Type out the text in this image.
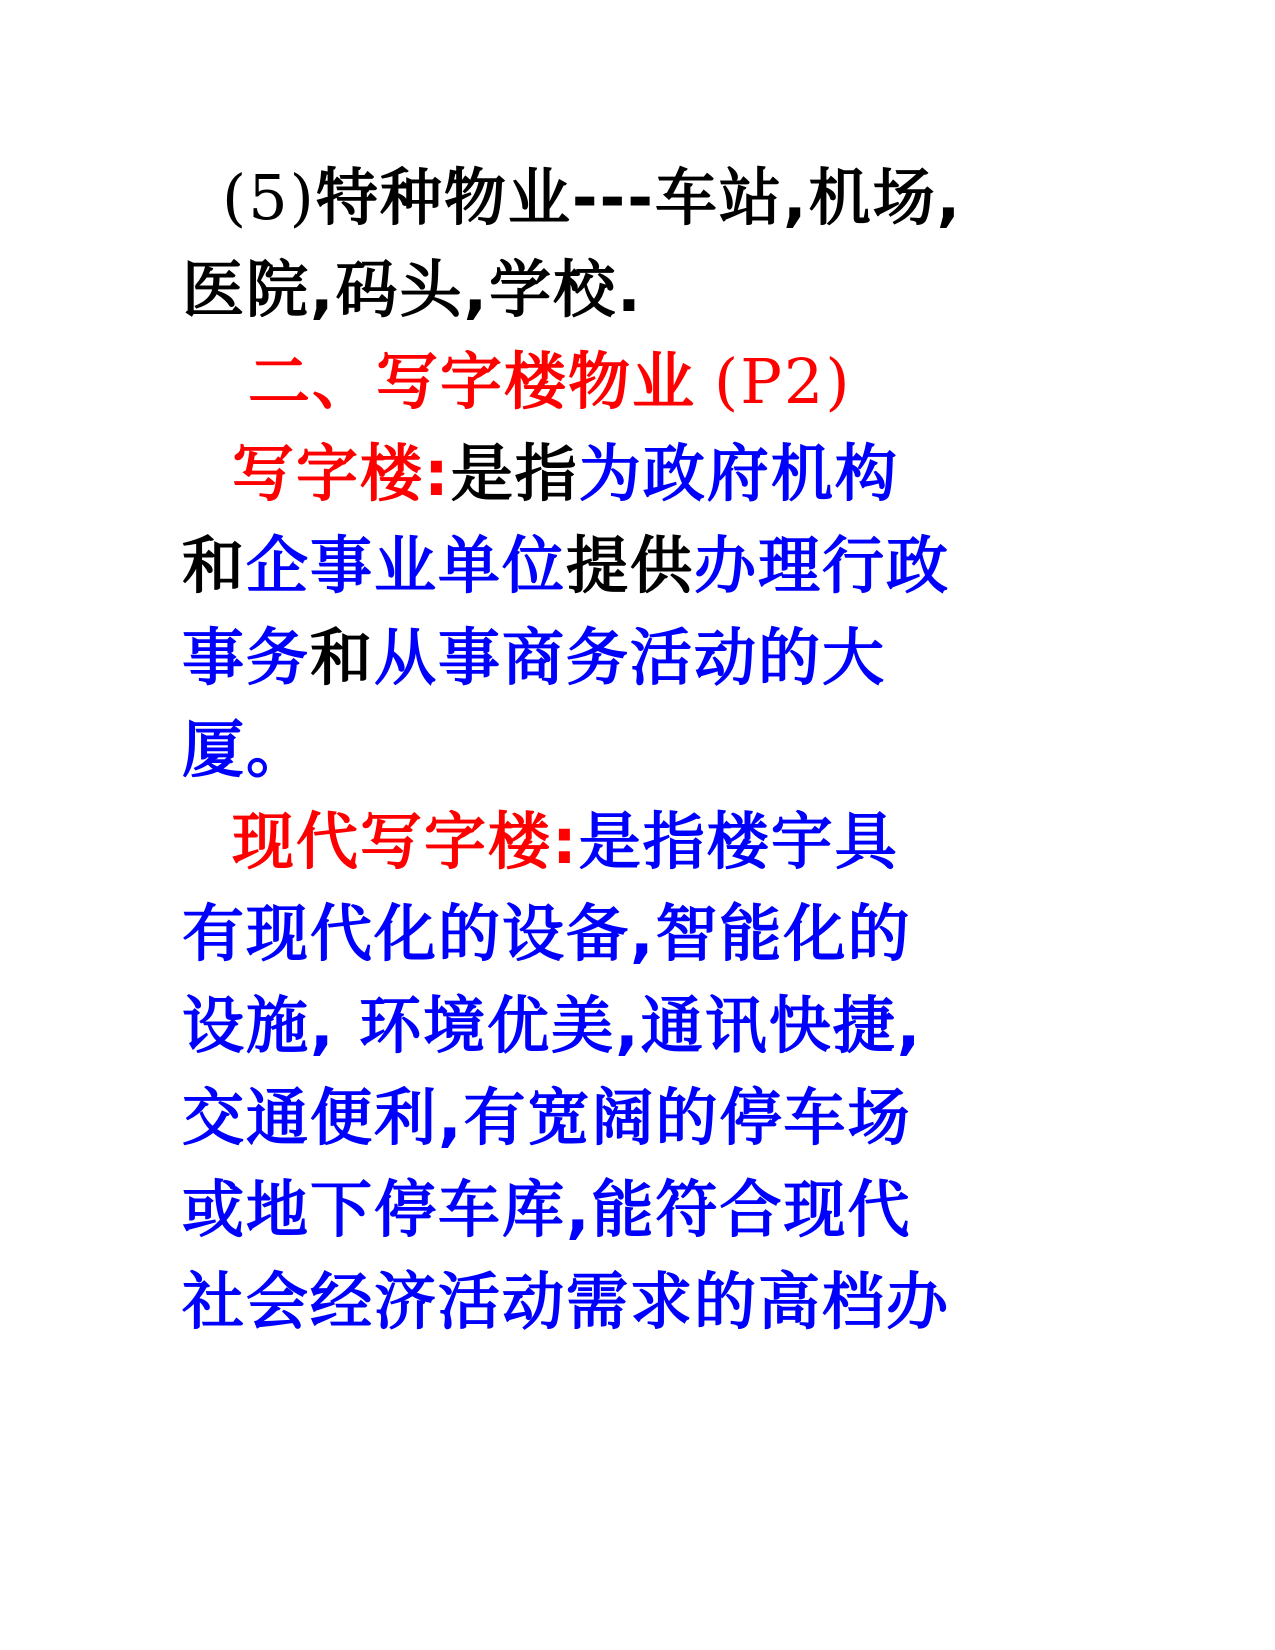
(5)特种物业---车站,机场,
医院,码头,学校.
二、写字楼物业 (P2)
写字楼:是指为政府机构
和企事业单位提供办理行政
事务和从事商务活动的大
厦。
现代写字楼:是指楼宇具
有现代化的设备,智能化的
设施, 环境优美,通讯快捷,
交通便利,有宽阔的停车场
或地下停车库,能符合现代
社会经济活动需求的高档办
